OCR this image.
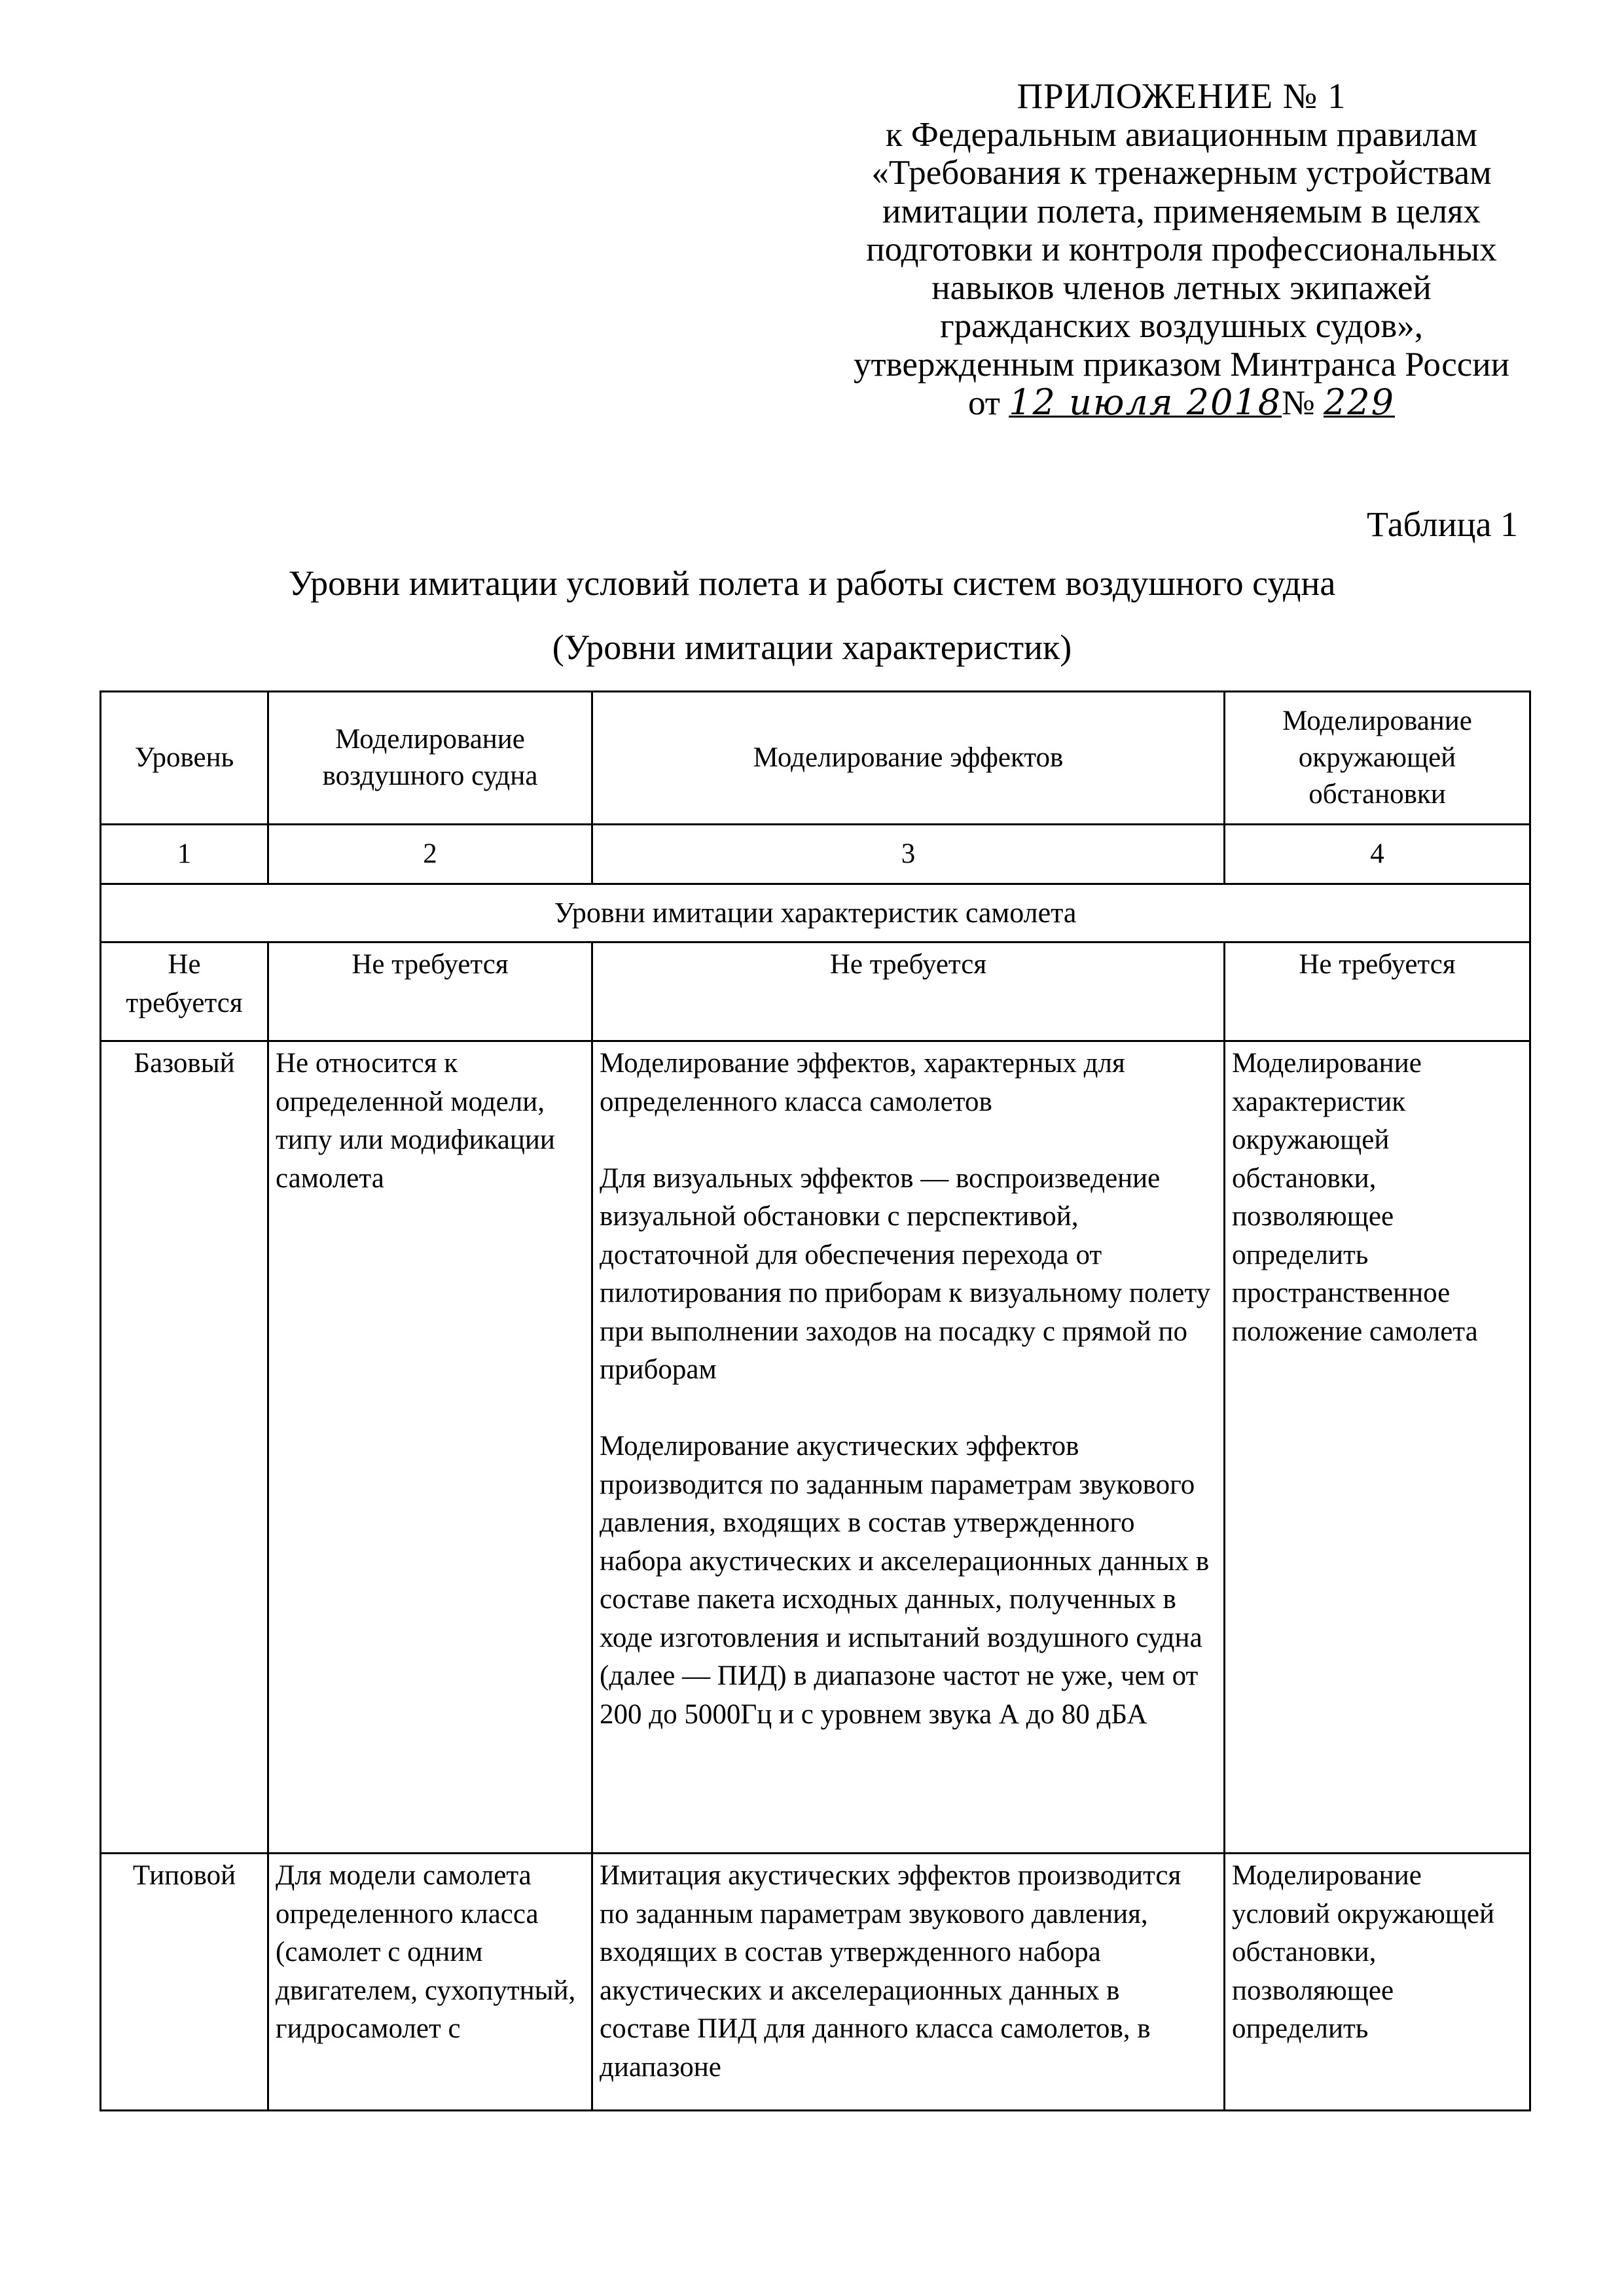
ПРИЛОЖЕНИЕ № 1
к Федеральным авиационным правилам
«Требования к тренажерным устройствам
имитации полета, применяемым в целях
подготовки и контроля профессиональных
навыков членов летных экипажей
гражданских воздушных судов»,
утвержденным приказом Минтранса России
от 12 июля 2018№ 229
Таблица 1
Уровни имитации условий полета и работы систем воздушного судна
(Уровни имитации характеристик)
Уровень	Моделирование воздушного судна	Моделирование эффектов	Моделирование окружающей обстановки
1	2	3	4
Уровни имитации характеристик самолета			
Не требуется	Не требуется	Не требуется	Не требуется
Базовый	Не относится к определенной модели, типу или модификации самолета	Моделирование эффектов, характерных для определенного класса самолетов
Для визуальных эффектов — воспроизведение визуальной обстановки с перспективой, достаточной для обеспечения перехода от пилотирования по приборам к визуальному полету при выполнении заходов на посадку с прямой по приборам
Моделирование акустических эффектов производится по заданным параметрам звукового давления, входящих в состав утвержденного набора акустических и акселерационных данных в составе пакета исходных данных, полученных в ходе изготовления и испытаний воздушного судна (далее — ПИД) в диапазоне частот не уже, чем от 200 до 5000Гц и с уровнем звука А до 80 дБА	Моделирование характеристик окружающей обстановки, позволяющее определить пространственное положение самолета
Типовой	Для модели самолета определенного класса (самолет с одним двигателем, сухопутный, гидросамолет с	Имитация акустических эффектов производится по заданным параметрам звукового давления, входящих в состав утвержденного набора акустических и акселерационных данных в составе ПИД для данного класса самолетов, в диапазоне	Моделирование условий окружающей обстановки, позволяющее определить
